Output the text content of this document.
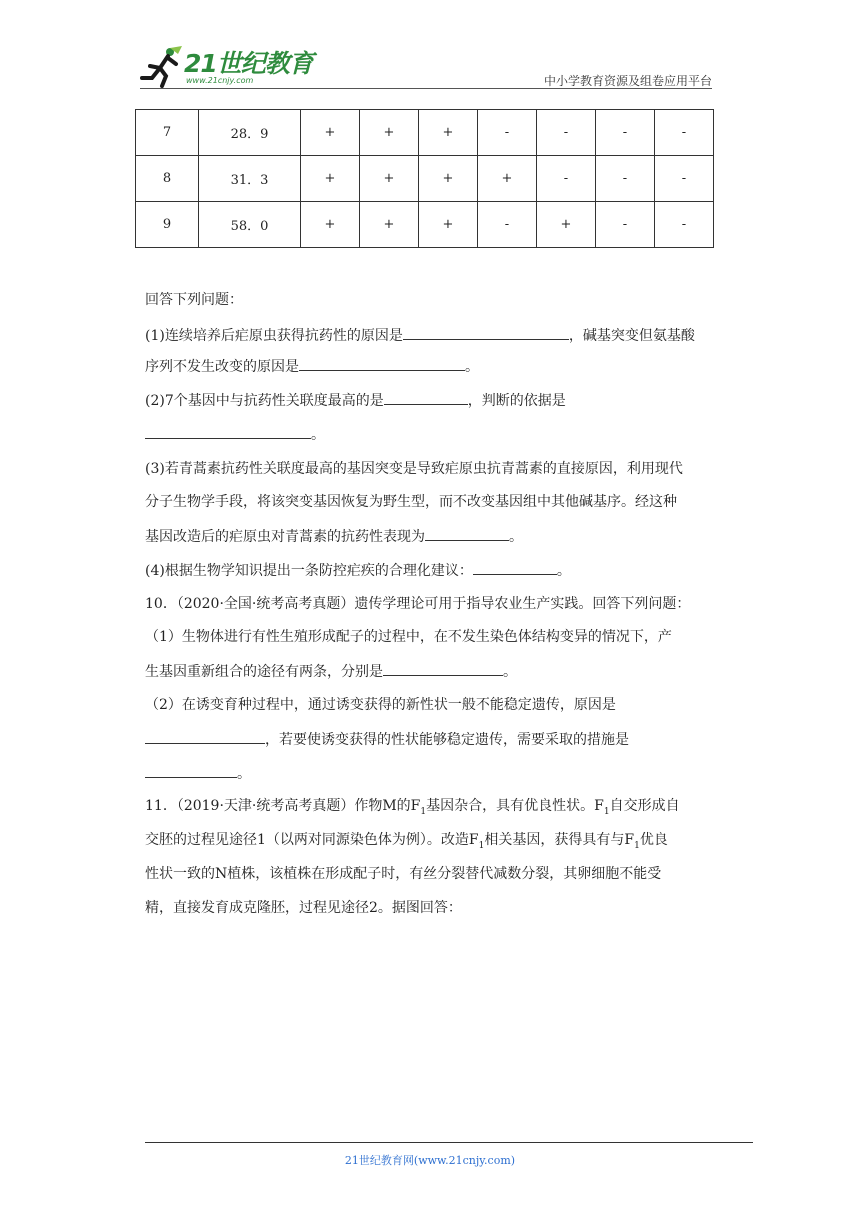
21世纪教育
www.21cnjy.com	中小学教育资源及组卷应用平台
7	28．9	+	+	+	-	-	-	-
8	31．3	+	+	+	+	-	-	-
9	58．0	+	+	+	-	+	-	-
回答下列问题：
(1)连续培养后疟原虫获得抗药性的原因是	，碱基突变但氨基酸
序列不发生改变的原因是	。
(2)7个基因中与抗药性关联度最高的是	，判断的依据是
。
(3)若青蒿素抗药性关联度最高的基因突变是导致疟原虫抗青蒿素的直接原因，利用现代
分子生物学手段，将该突变基因恢复为野生型，而不改变基因组中其他碱基序。经这种
基因改造后的疟原虫对青蒿素的抗药性表现为	。
(4)根据生物学知识提出一条防控疟疾的合理化建议：	。
10．（2020·全国·统考高考真题）遗传学理论可用于指导农业生产实践。回答下列问题：
（1）生物体进行有性生殖形成配子的过程中，在不发生染色体结构变异的情况下，产
生基因重新组合的途径有两条，分别是	。
（2）在诱变育种过程中，通过诱变获得的新性状一般不能稳定遗传，原因是
，若要使诱变获得的性状能够稳定遗传，需要采取的措施是
。
11．（2019·天津·统考高考真题）作物M的$F_1$基因杂合，具有优良性状。$F_1$自交形成自
交胚的过程见途径1（以两对同源染色体为例）。改造$F_1$相关基因，获得具有与$F_1$优良
性状一致的N植株，该植株在形成配子时，有丝分裂替代减数分裂，其卵细胞不能受
精，直接发育成克隆胚，过程见途径2。据图回答：
21世纪教育网(www.21cnjy.com)
